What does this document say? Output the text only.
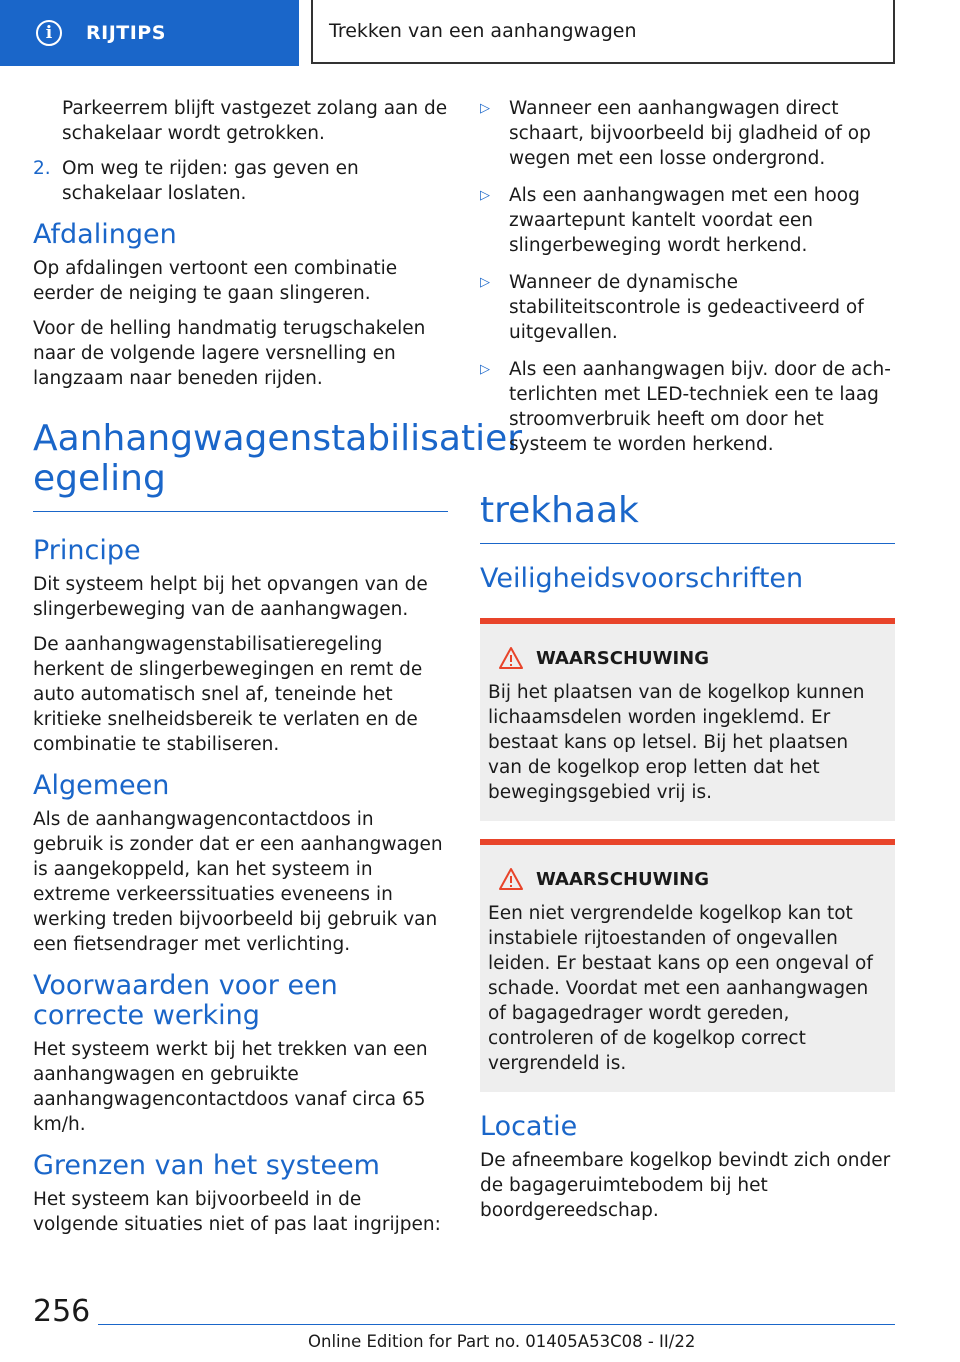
i RIJTIPS	Trekken van een aanhangwagen

Parkeerrem blijft vastgezet zolang aan de schakelaar wordt getrokken.

2. Om weg te rijden: gas geven en schakelaar loslaten.

Afdalingen

Op afdalingen vertoont een combinatie eerder de neiging te gaan slingeren.

Voor de helling handmatig terugschakelen naar de volgende lagere versnelling en langzaam naar beneden rijden.

Aanhangwagenstabilisatier egeling
Principe

Dit systeem helpt bij het opvangen van de slingerbeweging van de aanhangwagen.

De aanhangwagenstabilisatieregeling herkent de slingerbewegingen en remt de auto automatisch snel af, teneinde het kritieke snelheidsbereik te verlaten en de combinatie te stabiliseren.

Algemeen

Als de aanhangwagencontactdoos in gebruik is zonder dat er een aanhangwagen is aangekoppeld, kan het systeem in extreme verkeerssituaties eveneens in werking treden bijvoorbeeld bij gebruik van een fietsendrager met verlichting.

Voorwaarden voor een correcte werking

Het systeem werkt bij het trekken van een aanhangwagen en gebruikte aanhangwagencontactdoos vanaf circa 65 km/h.

Grenzen van het systeem

Het systeem kan bijvoorbeeld in de volgende situaties niet of pas laat ingrijpen:

▷ Wanneer een aanhangwagen direct schaart, bijvoorbeeld bij gladheid of op wegen met een losse ondergrond.

▷ Als een aanhangwagen met een hoog zwaartepunt kantelt voordat een slingerbeweging wordt herkend.

▷ Wanneer de dynamische stabiliteitscontrole is gedeactiveerd of uitgevallen.

▷ Als een aanhangwagen bijv. door de achterlichten met LED-techniek een te laag stroomverbruik heeft om door het systeem te worden herkend.

trekhaak
Veiligheidsvoorschriften
WAARSCHUWING

Bij het plaatsen van de kogelkop kunnen lichaamsdelen worden ingeklemd. Er bestaat kans op letsel. Bij het plaatsen van de kogelkop erop letten dat het bewegingsgebied vrij is.

WAARSCHUWING

Een niet vergrendelde kogelkop kan tot instabiele rijtoestanden of ongevallen leiden. Er bestaat kans op een ongeval of schade. Voordat met een aanhangwagen of bagagedrager wordt gereden, controleren of de kogelkop correct vergrendeld is.

Locatie

De afneembare kogelkop bevindt zich onder de bagageruimtebodem bij het boordgereedschap.

256
Online Edition for Part no. 01405A53C08 - II/22
